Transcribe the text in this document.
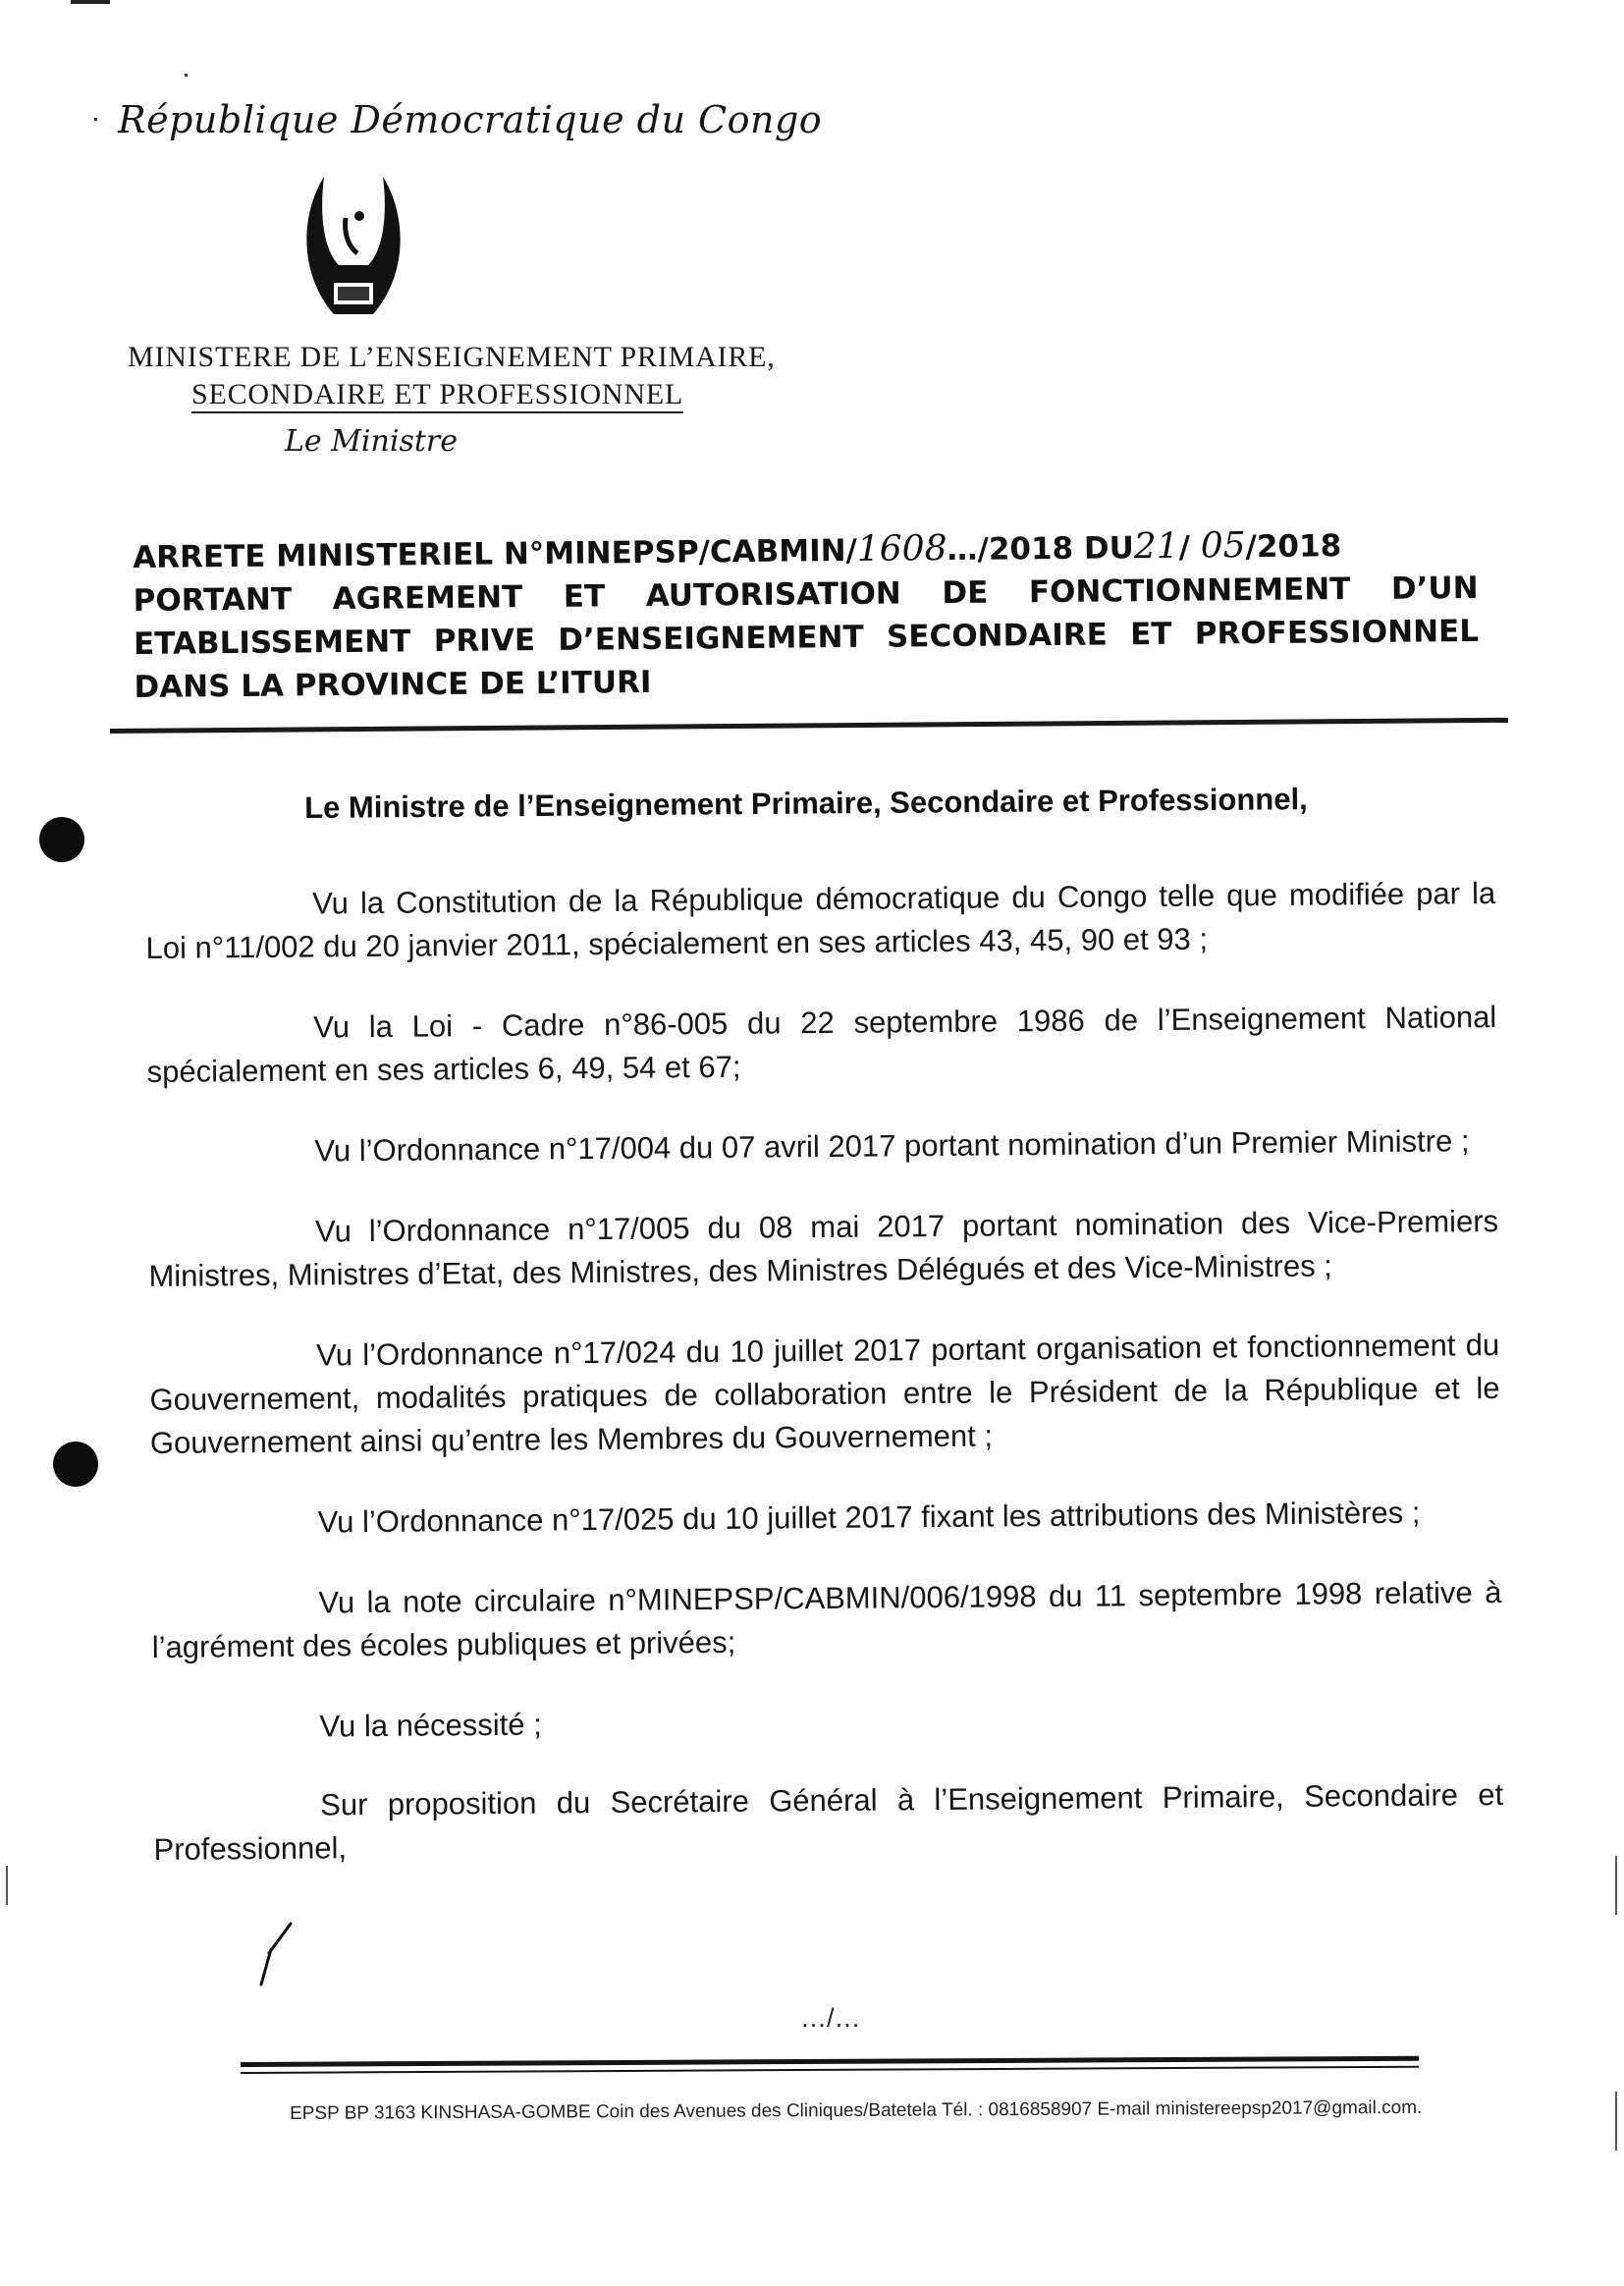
République Démocratique du Congo
MINISTERE DE L’ENSEIGNEMENT PRIMAIRE,
SECONDAIRE ET PROFESSIONNEL
Le Ministre
ARRETE MINISTERIEL N°MINEPSP/CABMIN/1608…/2018 DU21/ 05/2018
PORTANT AGREMENT ET AUTORISATION DE FONCTIONNEMENT D’UN
ETABLISSEMENT PRIVE D’ENSEIGNEMENT SECONDAIRE ET PROFESSIONNEL
DANS LA PROVINCE DE L’ITURI
Le Ministre de l’Enseignement Primaire, Secondaire et Professionnel,

Vu la Constitution de la République démocratique du Congo telle que modifiée par la Loi n°11/002 du 20 janvier 2011, spécialement en ses articles 43, 45, 90 et 93 ;

Vu la Loi - Cadre n°86-005 du 22 septembre 1986 de l’Enseignement National spécialement en ses articles 6, 49, 54 et 67;

Vu l’Ordonnance n°17/004 du 07 avril 2017 portant nomination d’un Premier Ministre ;

Vu l’Ordonnance n°17/005 du 08 mai 2017 portant nomination des Vice-Premiers Ministres, Ministres d’Etat, des Ministres, des Ministres Délégués et des Vice-Ministres ;

Vu l’Ordonnance n°17/024 du 10 juillet 2017 portant organisation et fonctionnement du Gouvernement, modalités pratiques de collaboration entre le Président de la République et le Gouvernement ainsi qu’entre les Membres du Gouvernement ;

Vu l’Ordonnance n°17/025 du 10 juillet 2017 fixant les attributions des Ministères ;

Vu la note circulaire n°MINEPSP/CABMIN/006/1998 du 11 septembre 1998 relative à l’agrément des écoles publiques et privées;

Vu la nécessité ;

Sur proposition du Secrétaire Général à l’Enseignement Primaire, Secondaire et Professionnel,

…/…
EPSP BP 3163 KINSHASA-GOMBE Coin des Avenues des Cliniques/Batetela Tél. : 0816858907 E-mail ministereepsp2017@gmail.com.
